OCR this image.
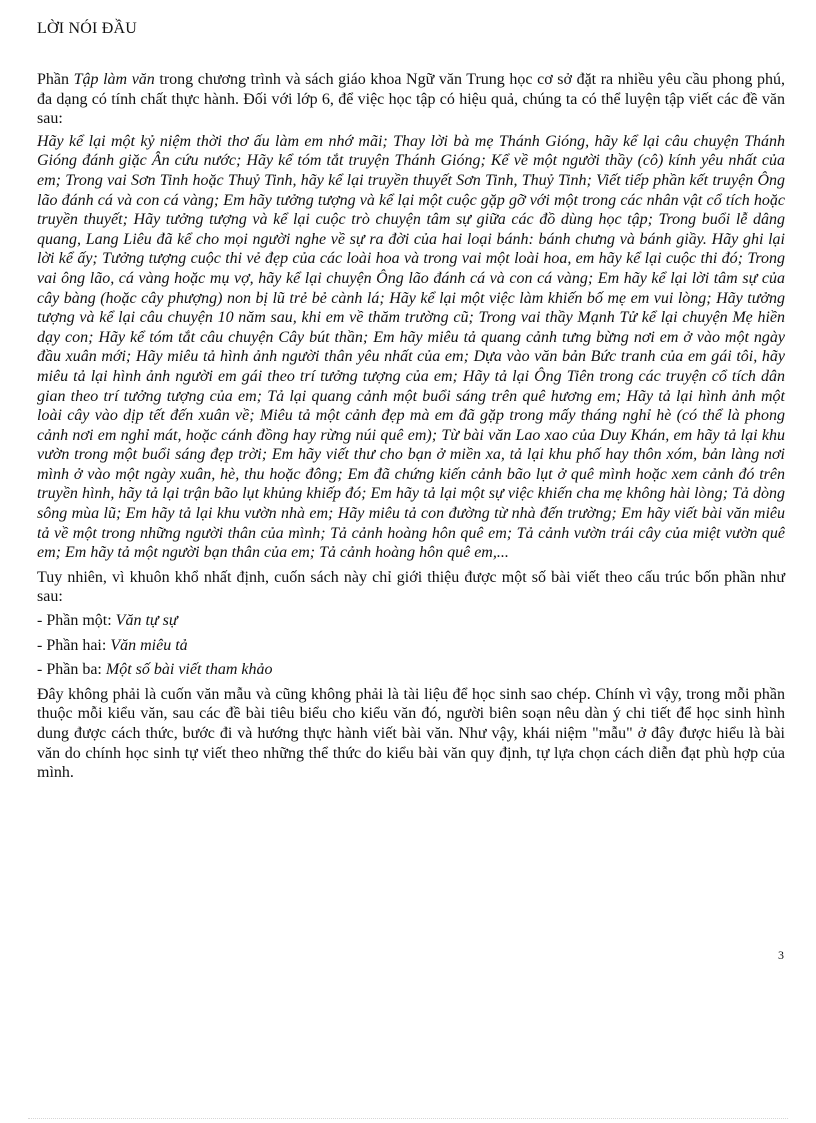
LỜI NÓI ĐẦU

Phần Tập làm văn trong chương trình và sách giáo khoa Ngữ văn Trung học cơ sở đặt ra nhiều yêu cầu phong phú, đa dạng có tính chất thực hành. Đối với lớp 6, để việc học tập có hiệu quả, chúng ta có thể luyện tập viết các đề văn sau:

Hãy kể lại một kỷ niệm thời thơ ấu làm em nhớ mãi; Thay lời bà mẹ Thánh Gióng, hãy kể lại câu chuyện Thánh Gióng đánh giặc Ân cứu nước; Hãy kể tóm tắt truyện Thánh Gióng; Kể về một người thầy (cô) kính yêu nhất của em; Trong vai Sơn Tinh hoặc Thuỷ Tinh, hãy kể lại truyền thuyết Sơn Tinh, Thuỷ Tinh; Viết tiếp phần kết truyện Ông lão đánh cá và con cá vàng; Em hãy tưởng tượng và kể lại một cuộc gặp gỡ với một trong các nhân vật cổ tích hoặc truyền thuyết; Hãy tưởng tượng và kể lại cuộc trò chuyện tâm sự giữa các đồ dùng học tập; Trong buổi lễ dâng quang, Lang Liêu đã kể cho mọi người nghe về sự ra đời của hai loại bánh: bánh chưng và bánh giầy. Hãy ghi lại lời kể ấy; Tưởng tượng cuộc thi vẻ đẹp của các loài hoa và trong vai một loài hoa, em hãy kể lại cuộc thi đó; Trong vai ông lão, cá vàng hoặc mụ vợ, hãy kể lại chuyện Ông lão đánh cá và con cá vàng; Em hãy kể lại lời tâm sự của cây bàng (hoặc cây phượng) non bị lũ trẻ bẻ cành lá; Hãy kể lại một việc làm khiến bố mẹ em vui lòng; Hãy tưởng tượng và kể lại câu chuyện 10 năm sau, khi em về thăm trường cũ; Trong vai thầy Mạnh Tử kể lại chuyện Mẹ hiền dạy con; Hãy kể tóm tắt câu chuyện Cây bút thần; Em hãy miêu tả quang cảnh tưng bừng nơi em ở vào một ngày đầu xuân mới; Hãy miêu tả hình ảnh người thân yêu nhất của em; Dựa vào văn bản Bức tranh của em gái tôi, hãy miêu tả lại hình ảnh người em gái theo trí tưởng tượng của em; Hãy tả lại Ông Tiên trong các truyện cổ tích dân gian theo trí tưởng tượng của em; Tả lại quang cảnh một buổi sáng trên quê hương em; Hãy tả lại hình ảnh một loài cây vào dịp tết đến xuân về; Miêu tả một cảnh đẹp mà em đã gặp trong mấy tháng nghỉ hè (có thể là phong cảnh nơi em nghỉ mát, hoặc cánh đồng hay rừng núi quê em); Từ bài văn Lao xao của Duy Khán, em hãy tả lại khu vườn trong một buổi sáng đẹp trời; Em hãy viết thư cho bạn ở miền xa, tả lại khu phố hay thôn xóm, bản làng nơi mình ở vào một ngày xuân, hè, thu hoặc đông; Em đã chứng kiến cảnh bão lụt ở quê mình hoặc xem cảnh đó trên truyền hình, hãy tả lại trận bão lụt khủng khiếp đó; Em hãy tả lại một sự việc khiến cha mẹ không hài lòng; Tả dòng sông mùa lũ; Em hãy tả lại khu vườn nhà em; Hãy miêu tả con đường từ nhà đến trường; Em hãy viết bài văn miêu tả về một trong những người thân của mình; Tả cảnh hoàng hôn quê em; Tả cảnh vườn trái cây của miệt vườn quê em; Em hãy tả một người bạn thân của em; Tả cảnh hoàng hôn quê em,...

Tuy nhiên, vì khuôn khổ nhất định, cuốn sách này chỉ giới thiệu được một số bài viết theo cấu trúc bốn phần như sau:

- Phần một: Văn tự sự
- Phần hai: Văn miêu tả
- Phần ba: Một số bài viết tham khảo

Đây không phải là cuốn văn mẫu và cũng không phải là tài liệu để học sinh sao chép. Chính vì vậy, trong mỗi phần thuộc mỗi kiểu văn, sau các đề bài tiêu biểu cho kiểu văn đó, người biên soạn nêu dàn ý chi tiết để học sinh hình dung được cách thức, bước đi và hướng thực hành viết bài văn. Như vậy, khái niệm "mẫu" ở đây được hiểu là bài văn do chính học sinh tự viết theo những thể thức do kiểu bài văn quy định, tự lựa chọn cách diễn đạt phù hợp của mình.

3
